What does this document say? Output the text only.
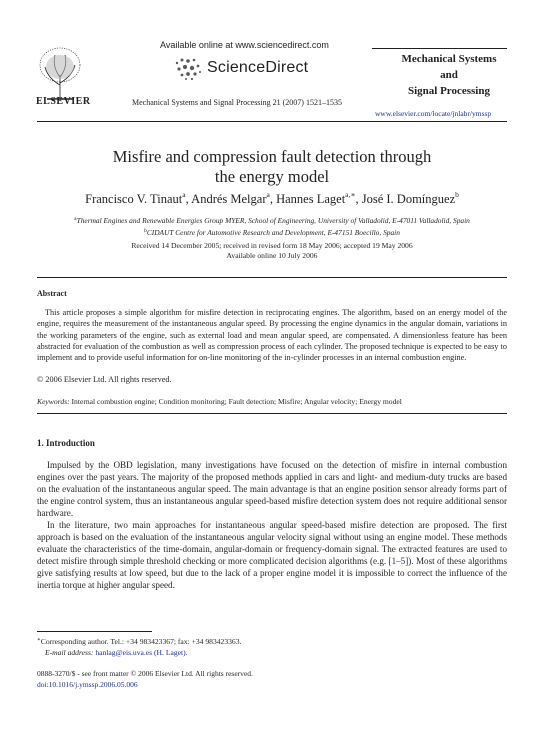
ELSEVIER
Available online at www.sciencedirect.com
ScienceDirect
Mechanical Systems and Signal Processing 21 (2007) 1521–1535
Mechanical Systems
and
Signal Processing
www.elsevier.com/locate/jnlabr/ymssp
Misfire and compression fault detection through
the energy model
Francisco V. Tinaut$^a$, Andrés Melgar$^a$, Hannes Laget$^{a,∗}$, José I. Domínguez$^b$
$^a$Thermal Engines and Renewable Energies Group MYER, School of Engineering, University of Valladolid, E-47011 Valladolid, Spain
$^b$CIDAUT Centre for Automotive Research and Development, E-47151 Boecillo, Spain
Received 14 December 2005; received in revised form 18 May 2006; accepted 19 May 2006
Available online 10 July 2006
Abstract
This article proposes a simple algorithm for misfire detection in reciprocating engines. The algorithm, based on an energy model of the engine, requires the measurement of the instantaneous angular speed. By processing the engine dynamics in the angular domain, variations in the working parameters of the engine, such as external load and mean angular speed, are compensated. A dimensionless feature has been abstracted for evaluation of the combustion as well as compression process of each cylinder. The proposed technique is expected to be easy to implement and to provide useful information for on-line monitoring of the in-cylinder processes in an internal combustion engine.
© 2006 Elsevier Ltd. All rights reserved.
Keywords: Internal combustion engine; Condition monitoring; Fault detection; Misfire; Angular velocity; Energy model
1. Introduction

Impulsed by the OBD legislation, many investigations have focused on the detection of misfire in internal combustion engines over the past years. The majority of the proposed methods applied in cars and light- and medium-duty trucks are based on the evaluation of the instantaneous angular speed. The main advantage is that an engine position sensor already forms part of the engine control system, thus an instantaneous angular speed-based misfire detection system does not require additional sensor hardware.

In the literature, two main approaches for instantaneous angular speed-based misfire detection are proposed. The first approach is based on the evaluation of the instantaneous angular velocity signal without using an engine model. These methods evaluate the characteristics of the time-domain, angular-domain or frequency-domain signal. The extracted features are used to detect misfire through simple threshold checking or more complicated decision algorithms (e.g. [1–5]). Most of these algorithms give satisfying results at low speed, but due to the lack of a proper engine model it is impossible to correct the influence of the inertia torque at higher angular speed.

∗Corresponding author. Tel.: +34 983423367; fax: +34 983423363.
E-mail address: hanlag@eis.uva.es (H. Laget).
0888-3270/$ - see front matter © 2006 Elsevier Ltd. All rights reserved.
doi:10.1016/j.ymssp.2006.05.006
